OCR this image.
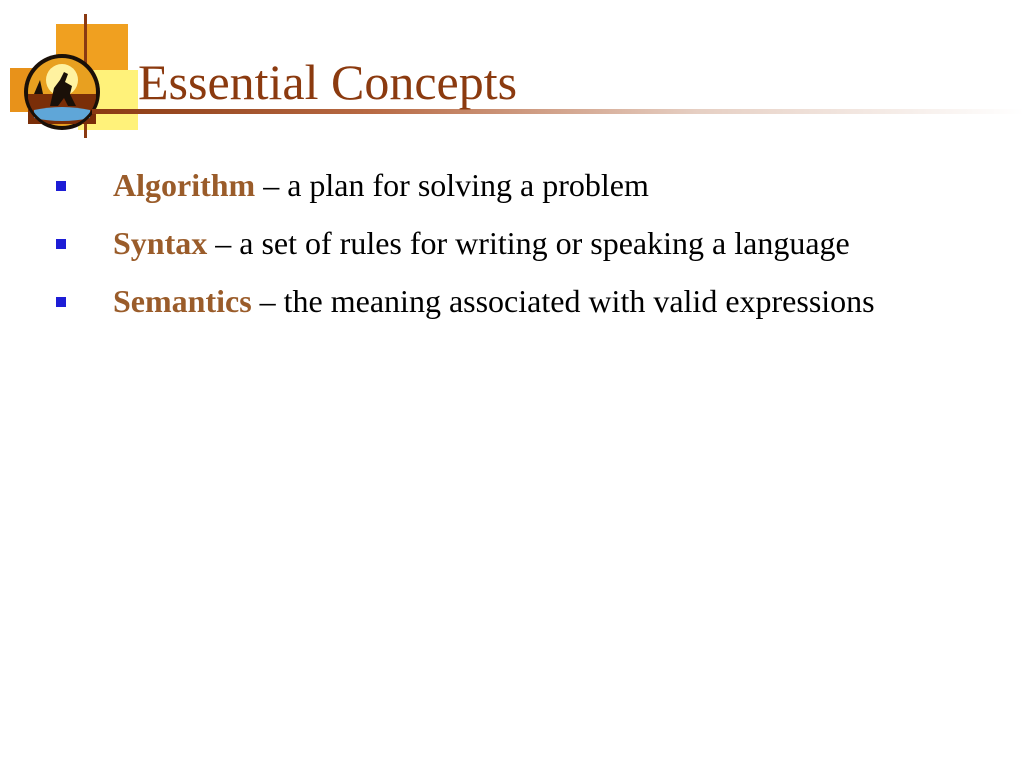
Essential Concepts
Algorithm – a plan for solving a problem
Syntax – a set of rules for writing or speaking a language
Semantics – the meaning associated with valid expressions
